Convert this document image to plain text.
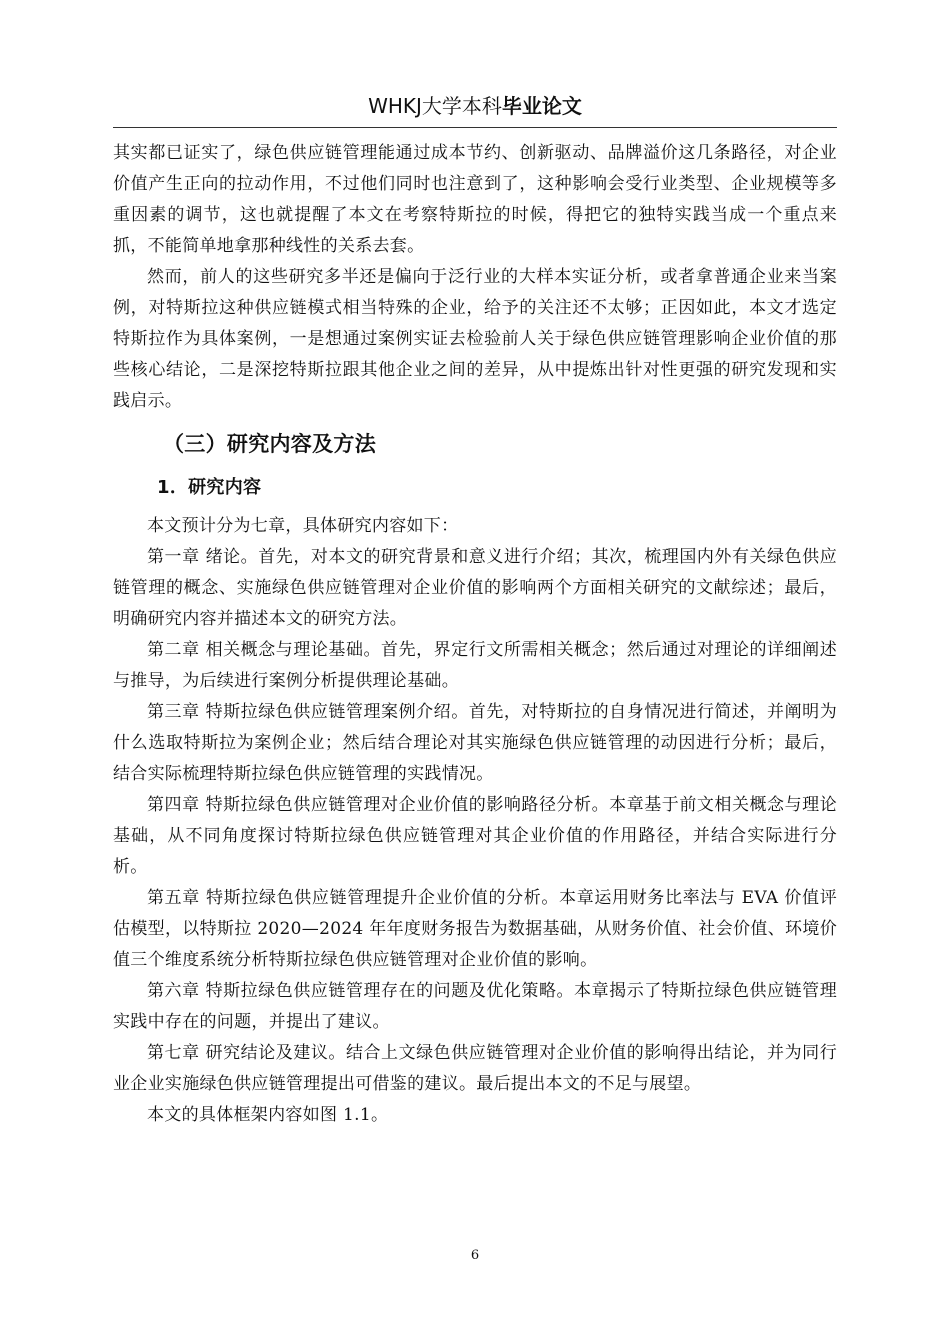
WHKJ大学本科毕业论文

其实都已证实了，绿色供应链管理能通过成本节约、创新驱动、品牌溢价这几条路径，对企业价值产生正向的拉动作用，不过他们同时也注意到了，这种影响会受行业类型、企业规模等多重因素的调节，这也就提醒了本文在考察特斯拉的时候，得把它的独特实践当成一个重点来抓，不能简单地拿那种线性的关系去套。

然而，前人的这些研究多半还是偏向于泛行业的大样本实证分析，或者拿普通企业来当案例，对特斯拉这种供应链模式相当特殊的企业，给予的关注还不太够；正因如此，本文才选定特斯拉作为具体案例，一是想通过案例实证去检验前人关于绿色供应链管理影响企业价值的那些核心结论，二是深挖特斯拉跟其他企业之间的差异，从中提炼出针对性更强的研究发现和实践启示。

（三）研究内容及方法
1．研究内容

本文预计分为七章，具体研究内容如下：

第一章 绪论。首先，对本文的研究背景和意义进行介绍；其次，梳理国内外有关绿色供应链管理的概念、实施绿色供应链管理对企业价值的影响两个方面相关研究的文献综述；最后，明确研究内容并描述本文的研究方法。

第二章 相关概念与理论基础。首先，界定行文所需相关概念；然后通过对理论的详细阐述与推导，为后续进行案例分析提供理论基础。

第三章 特斯拉绿色供应链管理案例介绍。首先，对特斯拉的自身情况进行简述，并阐明为什么选取特斯拉为案例企业；然后结合理论对其实施绿色供应链管理的动因进行分析；最后，结合实际梳理特斯拉绿色供应链管理的实践情况。

第四章 特斯拉绿色供应链管理对企业价值的影响路径分析。本章基于前文相关概念与理论基础，从不同角度探讨特斯拉绿色供应链管理对其企业价值的作用路径，并结合实际进行分析。

第五章 特斯拉绿色供应链管理提升企业价值的分析。本章运用财务比率法与 EVA 价值评估模型，以特斯拉 2020—2024 年年度财务报告为数据基础，从财务价值、社会价值、环境价值三个维度系统分析特斯拉绿色供应链管理对企业价值的影响。

第六章 特斯拉绿色供应链管理存在的问题及优化策略。本章揭示了特斯拉绿色供应链管理实践中存在的问题，并提出了建议。

第七章 研究结论及建议。结合上文绿色供应链管理对企业价值的影响得出结论，并为同行业企业实施绿色供应链管理提出可借鉴的建议。最后提出本文的不足与展望。

本文的具体框架内容如图 1.1。

6
